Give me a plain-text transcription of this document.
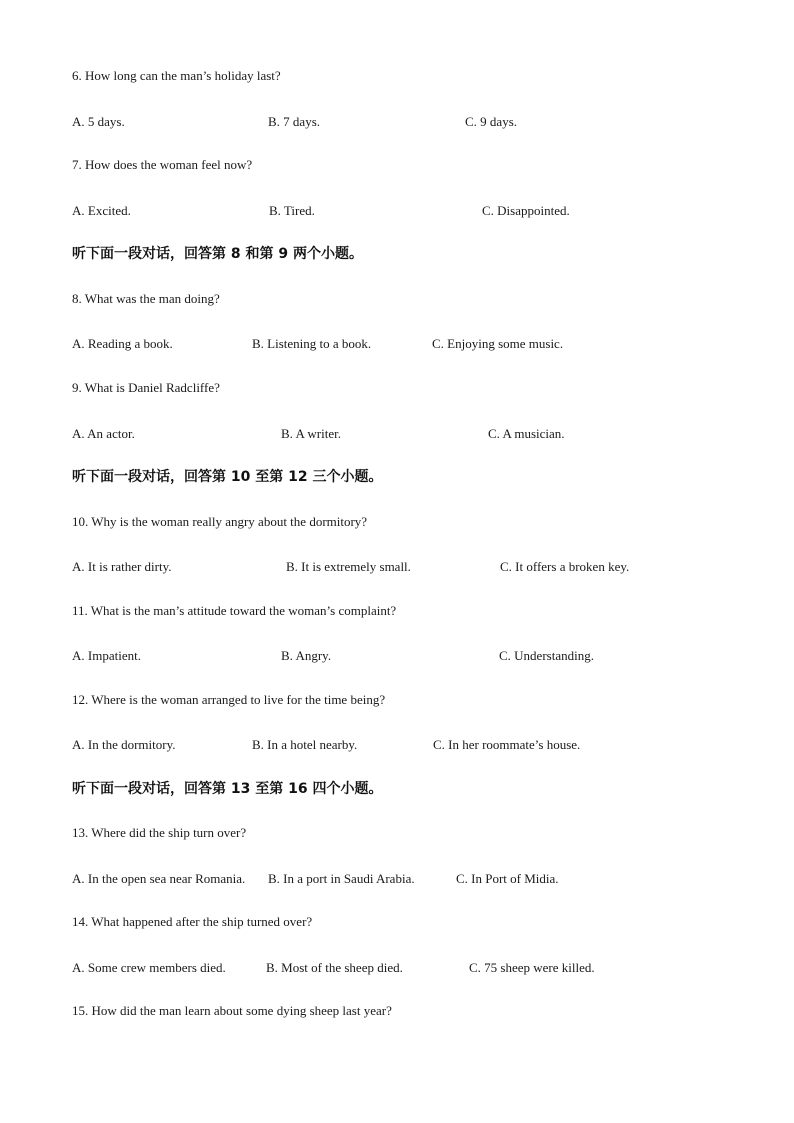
6. How long can the man’s holiday last?
A. 5 days.	B. 7 days.	C. 9 days.
7. How does the woman feel now?
A. Excited.	B. Tired.	C. Disappointed.
听下面一段对话，回答第 8 和第 9 两个小题。
8. What was the man doing?
A. Reading a book.	B. Listening to a book.	C. Enjoying some music.
9. What is Daniel Radcliffe?
A. An actor.	B. A writer.	C. A musician.
听下面一段对话，回答第 10 至第 12 三个小题。
10. Why is the woman really angry about the dormitory?
A. It is rather dirty.	B. It is extremely small.	C. It offers a broken key.
11. What is the man’s attitude toward the woman’s complaint?
A. Impatient.	B. Angry.	C. Understanding.
12. Where is the woman arranged to live for the time being?
A. In the dormitory.	B. In a hotel nearby.	C. In her roommate’s house.
听下面一段对话，回答第 13 至第 16 四个小题。
13. Where did the ship turn over?
A. In the open sea near Romania. B. In a port in Saudi Arabia.	C. In Port of Midia.
14. What happened after the ship turned over?
A. Some crew members died.	B. Most of the sheep died.	C. 75 sheep were killed.
15. How did the man learn about some dying sheep last year?
